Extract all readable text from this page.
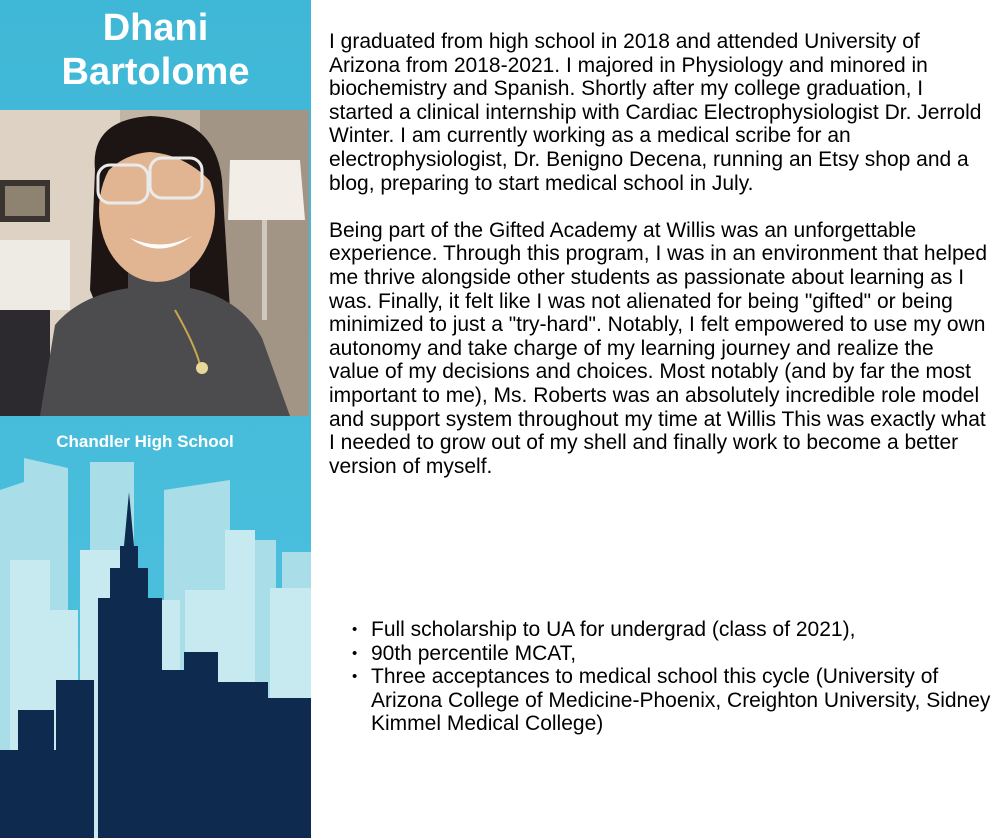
Dhani
Bartolome
Chandler High School

I graduated from high school in 2018 and attended University of Arizona from 2018-2021. I majored in Physiology and minored in biochemistry and Spanish. Shortly after my college graduation, I started a clinical internship with Cardiac Electrophysiologist Dr. Jerrold Winter. I am currently working as a medical scribe for an electrophysiologist, Dr. Benigno Decena, running an Etsy shop and a blog, preparing to start medical school in July.

Being part of the Gifted Academy at Willis was an unforgettable experience. Through this program, I was in an environment that helped me thrive alongside other students as passionate about learning as I was. Finally, it felt like I was not alienated for being "gifted" or being minimized to just a "try-hard". Notably, I felt empowered to use my own autonomy and take charge of my learning journey and realize the value of my decisions and choices. Most notably (and by far the most important to me), Ms. Roberts was an absolutely incredible role model and support system throughout my time at Willis This was exactly what I needed to grow out of my shell and finally work to become a better version of myself.

• Full scholarship to UA for undergrad (class of 2021),
• 90th percentile MCAT,
• Three acceptances to medical school this cycle (University of Arizona College of Medicine-Phoenix, Creighton University, Sidney Kimmel Medical College)
